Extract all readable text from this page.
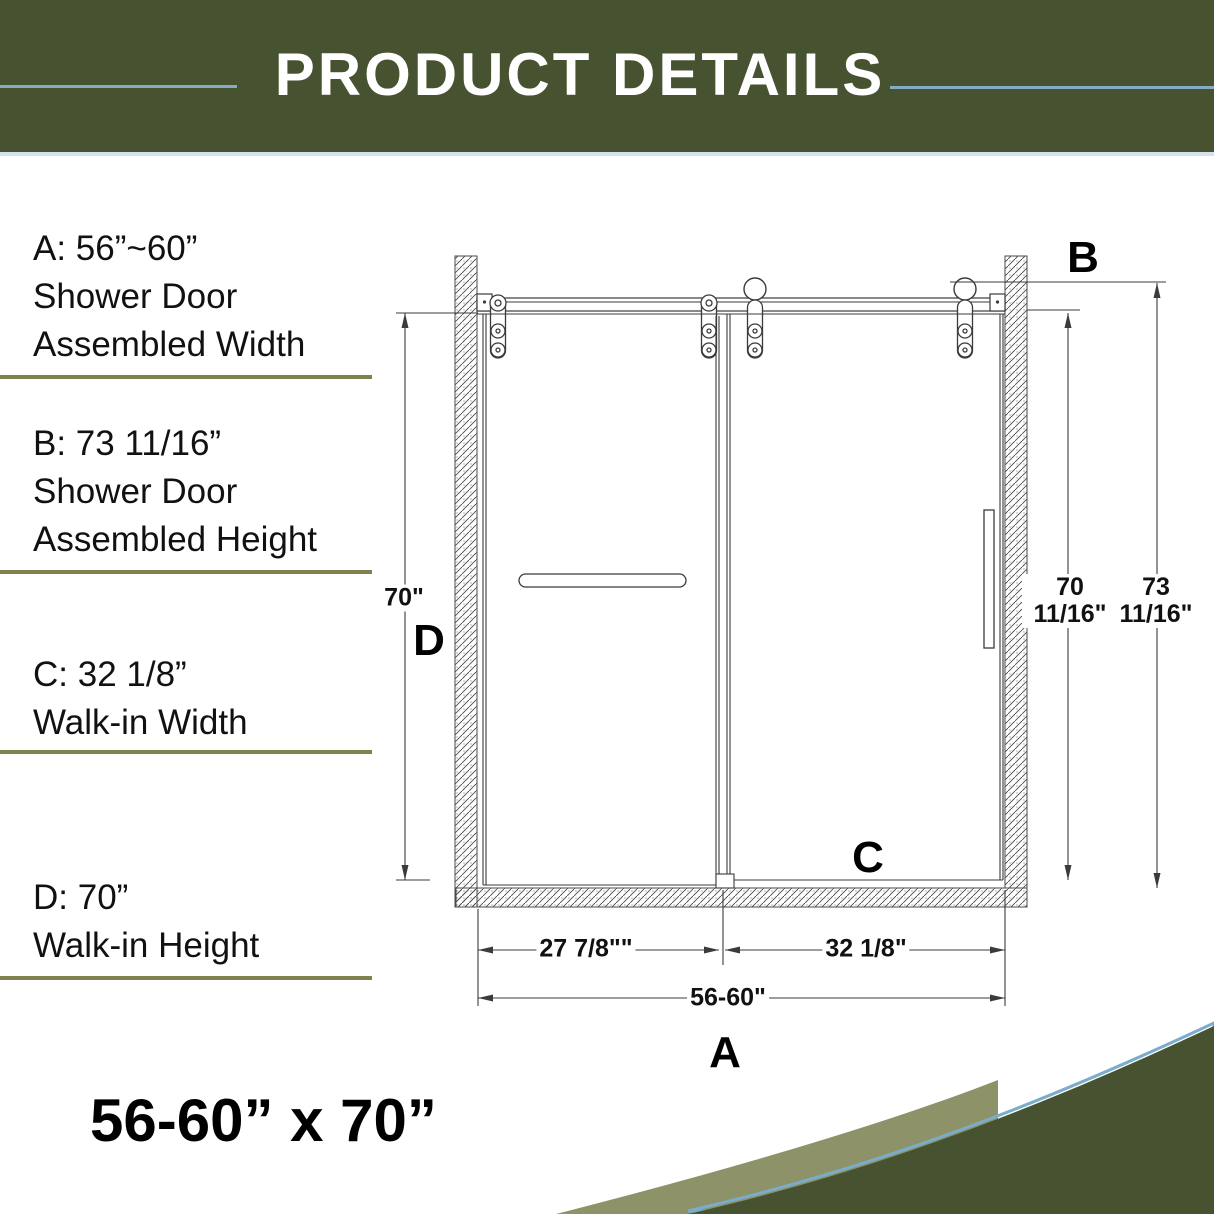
PRODUCT DETAILS
A: 56”~60”
Shower Door
Assembled Width
B: 73 11/16”
Shower Door
Assembled Height
C: 32 1/8”
Walk-in Width
D: 70”
Walk-in Height
70"	70
11/16"
73
11/16"
27 7/8""	32 1/8"
56-60"
A
B
C
D
56-60” x 70”
